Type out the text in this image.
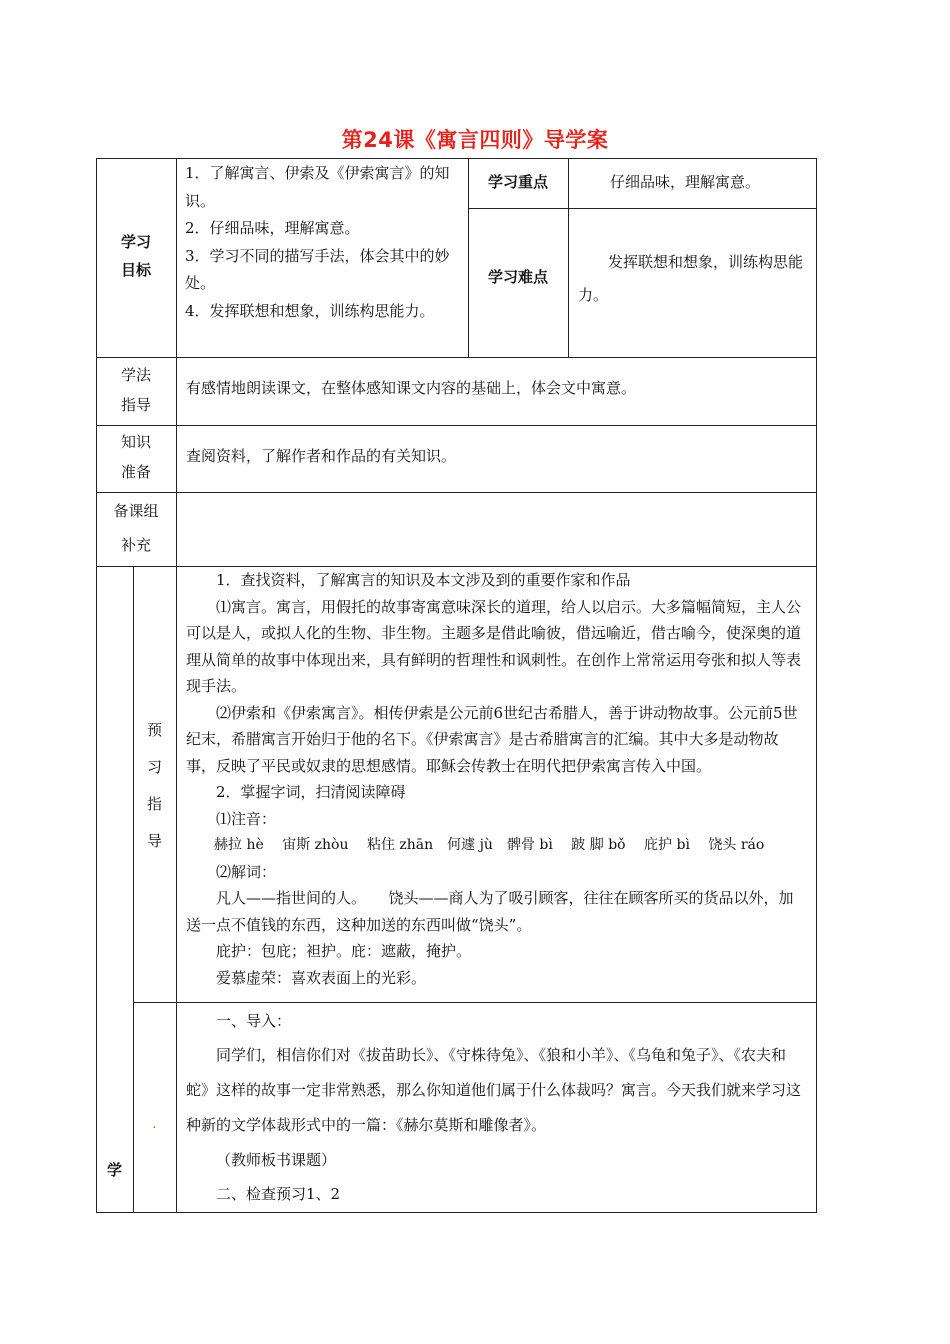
第24课《寓言四则》导学案
学习
目标

1．了解寓言、伊索及《伊索寓言》的知识。

2．仔细品味，理解寓意。

3．学习不同的描写手法，体会其中的妙处。

4．发挥联想和想象，训练构思能力。

学习重点	仔细品味，理解寓意。
学习难点
发挥联想和想象，训练构思能力。
学法
指导
有感情地朗读课文，在整体感知课文内容的基础上，体会文中寓意。
知识
准备
查阅资料，了解作者和作品的有关知识。
备课组
补充
预
习
指
导

1．查找资料，了解寓言的知识及本文涉及到的重要作家和作品

⑴寓言。寓言，用假托的故事寄寓意味深长的道理，给人以启示。大多篇幅简短，主人公可以是人，或拟人化的生物、非生物。主题多是借此喻彼，借远喻近，借古喻今，使深奥的道理从简单的故事中体现出来，具有鲜明的哲理性和讽刺性。在创作上常常运用夸张和拟人等表现手法。

⑵伊索和《伊索寓言》。相传伊索是公元前6世纪古希腊人，善于讲动物故事。公元前5世纪末，希腊寓言开始归于他的名下。《伊索寓言》是古希腊寓言的汇编。其中大多是动物故事，反映了平民或奴隶的思想感情。耶稣会传教士在明代把伊索寓言传入中国。

2．掌握字词，扫清阅读障碍

⑴注音：

赫拉 hè　 宙斯 zhòu　 粘住 zhān　何遽 jù　髀骨 bì　 跛 脚 bǒ　 庇护 bì　 饶头 ráo

⑵解词：

凡人——指世间的人。　　饶头——商人为了吸引顾客，往往在顾客所买的货品以外，加送一点不值钱的东西，这种加送的东西叫做“饶头”。

庇护：包庇；袒护。庇：遮蔽，掩护。

爱慕虚荣：喜欢表面上的光彩。

学
.

一、导入：

同学们，相信你们对《拔苗助长》、《守株待兔》、《狼和小羊》、《乌龟和兔子》、《农夫和蛇》这样的故事一定非常熟悉，那么你知道他们属于什么体裁吗？寓言。今天我们就来学习这种新的文学体裁形式中的一篇：《赫尔莫斯和雕像者》。

（教师板书课题）

二、检查预习1、2
